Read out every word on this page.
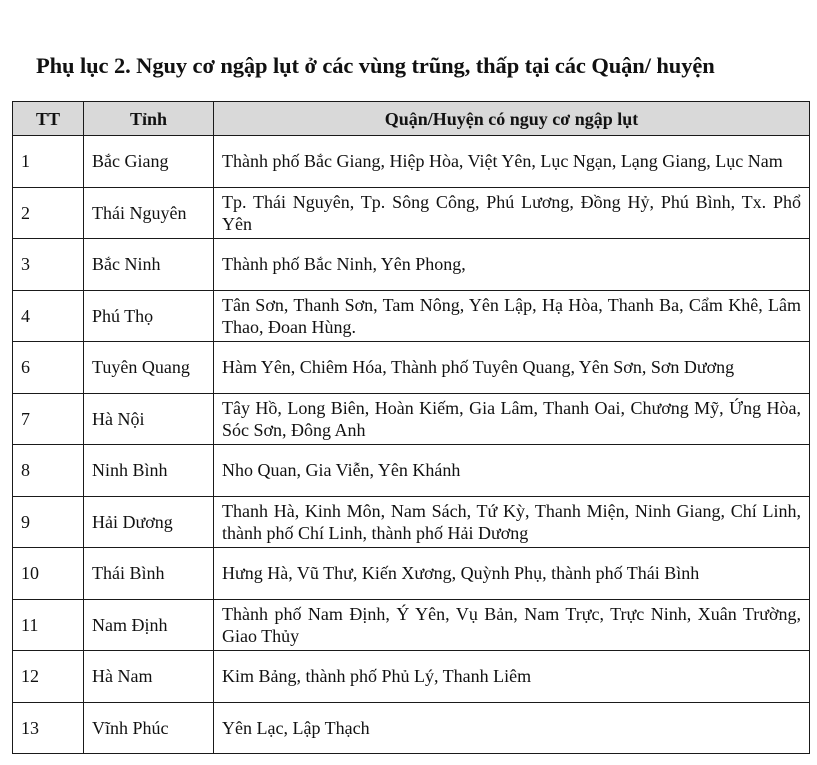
Phụ lục 2. Nguy cơ ngập lụt ở các vùng trũng, thấp tại các Quận/ huyện
TT	Tỉnh	Quận/Huyện có nguy cơ ngập lụt
1	Bắc Giang	Thành phố Bắc Giang, Hiệp Hòa, Việt Yên, Lục Ngạn, Lạng Giang, Lục Nam
2	Thái Nguyên	Tp. Thái Nguyên, Tp. Sông Công, Phú Lương, Đồng Hỷ, Phú Bình, Tx. Phổ Yên
3	Bắc Ninh	Thành phố Bắc Ninh, Yên Phong,
4	Phú Thọ	Tân Sơn, Thanh Sơn, Tam Nông, Yên Lập, Hạ Hòa, Thanh Ba, Cẩm Khê, Lâm Thao, Đoan Hùng.
6	Tuyên Quang	Hàm Yên, Chiêm Hóa, Thành phố Tuyên Quang, Yên Sơn, Sơn Dương
7	Hà Nội	Tây Hồ, Long Biên, Hoàn Kiếm, Gia Lâm, Thanh Oai, Chương Mỹ, Ứng Hòa, Sóc Sơn, Đông Anh
8	Ninh Bình	Nho Quan, Gia Viễn, Yên Khánh
9	Hải Dương	Thanh Hà, Kinh Môn, Nam Sách, Tứ Kỳ, Thanh Miện, Ninh Giang, Chí Linh, thành phố Chí Linh, thành phố Hải Dương
10	Thái Bình	Hưng Hà, Vũ Thư, Kiến Xương, Quỳnh Phụ, thành phố Thái Bình
11	Nam Định	Thành phố Nam Định, Ý Yên, Vụ Bản, Nam Trực, Trực Ninh, Xuân Trường, Giao Thủy
12	Hà Nam	Kim Bảng, thành phố Phủ Lý, Thanh Liêm
13	Vĩnh Phúc	Yên Lạc, Lập Thạch
